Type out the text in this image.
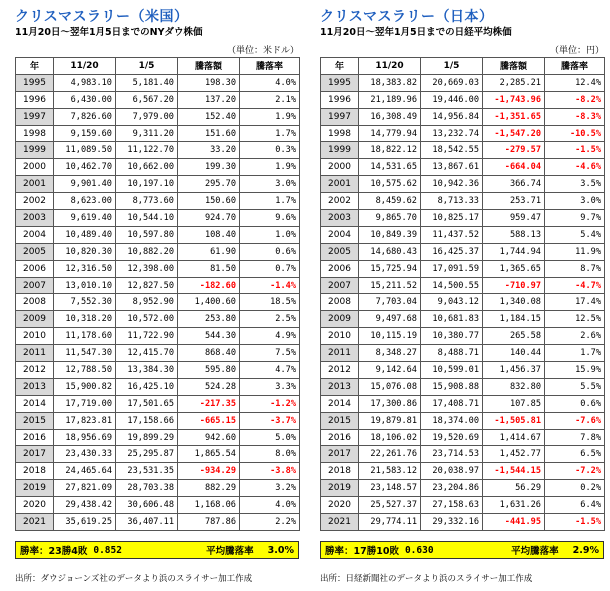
クリスマスラリー（米国）
11月20日～翌年1月5日までのNYダウ株価
（単位：米ドル）
年	11/20	1/5	騰落額	騰落率
1995	4,983.10	5,181.40	198.30	4.0%
1996	6,430.00	6,567.20	137.20	2.1%
1997	7,826.60	7,979.00	152.40	1.9%
1998	9,159.60	9,311.20	151.60	1.7%
1999	11,089.50	11,122.70	33.20	0.3%
2000	10,462.70	10,662.00	199.30	1.9%
2001	9,901.40	10,197.10	295.70	3.0%
2002	8,623.00	8,773.60	150.60	1.7%
2003	9,619.40	10,544.10	924.70	9.6%
2004	10,489.40	10,597.80	108.40	1.0%
2005	10,820.30	10,882.20	61.90	0.6%
2006	12,316.50	12,398.00	81.50	0.7%
2007	13,010.10	12,827.50	-182.60	-1.4%
2008	7,552.30	8,952.90	1,400.60	18.5%
2009	10,318.20	10,572.00	253.80	2.5%
2010	11,178.60	11,722.90	544.30	4.9%
2011	11,547.30	12,415.70	868.40	7.5%
2012	12,788.50	13,384.30	595.80	4.7%
2013	15,900.82	16,425.10	524.28	3.3%
2014	17,719.00	17,501.65	-217.35	-1.2%
2015	17,823.81	17,158.66	-665.15	-3.7%
2016	18,956.69	19,899.29	942.60	5.0%
2017	23,430.33	25,295.87	1,865.54	8.0%
2018	24,465.64	23,531.35	-934.29	-3.8%
2019	27,821.09	28,703.38	882.29	3.2%
2020	29,438.42	30,606.48	1,168.06	4.0%
2021	35,619.25	36,407.11	787.86	2.2%
勝率：23勝4敗 0.852	平均騰落率 3.0%
出所：ダウジョーンズ社のデータより浜のスライサー加工作成
クリスマスラリー（日本）
11月20日～翌年1月5日までの日経平均株価
（単位：円）
年	11/20	1/5	騰落額	騰落率
1995	18,383.82	20,669.03	2,285.21	12.4%
1996	21,189.96	19,446.00	-1,743.96	-8.2%
1997	16,308.49	14,956.84	-1,351.65	-8.3%
1998	14,779.94	13,232.74	-1,547.20	-10.5%
1999	18,822.12	18,542.55	-279.57	-1.5%
2000	14,531.65	13,867.61	-664.04	-4.6%
2001	10,575.62	10,942.36	366.74	3.5%
2002	8,459.62	8,713.33	253.71	3.0%
2003	9,865.70	10,825.17	959.47	9.7%
2004	10,849.39	11,437.52	588.13	5.4%
2005	14,680.43	16,425.37	1,744.94	11.9%
2006	15,725.94	17,091.59	1,365.65	8.7%
2007	15,211.52	14,500.55	-710.97	-4.7%
2008	7,703.04	9,043.12	1,340.08	17.4%
2009	9,497.68	10,681.83	1,184.15	12.5%
2010	10,115.19	10,380.77	265.58	2.6%
2011	8,348.27	8,488.71	140.44	1.7%
2012	9,142.64	10,599.01	1,456.37	15.9%
2013	15,076.08	15,908.88	832.80	5.5%
2014	17,300.86	17,408.71	107.85	0.6%
2015	19,879.81	18,374.00	-1,505.81	-7.6%
2016	18,106.02	19,520.69	1,414.67	7.8%
2017	22,261.76	23,714.53	1,452.77	6.5%
2018	21,583.12	20,038.97	-1,544.15	-7.2%
2019	23,148.57	23,204.86	56.29	0.2%
2020	25,527.37	27,158.63	1,631.26	6.4%
2021	29,774.11	29,332.16	-441.95	-1.5%
勝率：17勝10敗 0.630	平均騰落率 2.9%
出所：日経新聞社のデータより浜のスライサー加工作成
